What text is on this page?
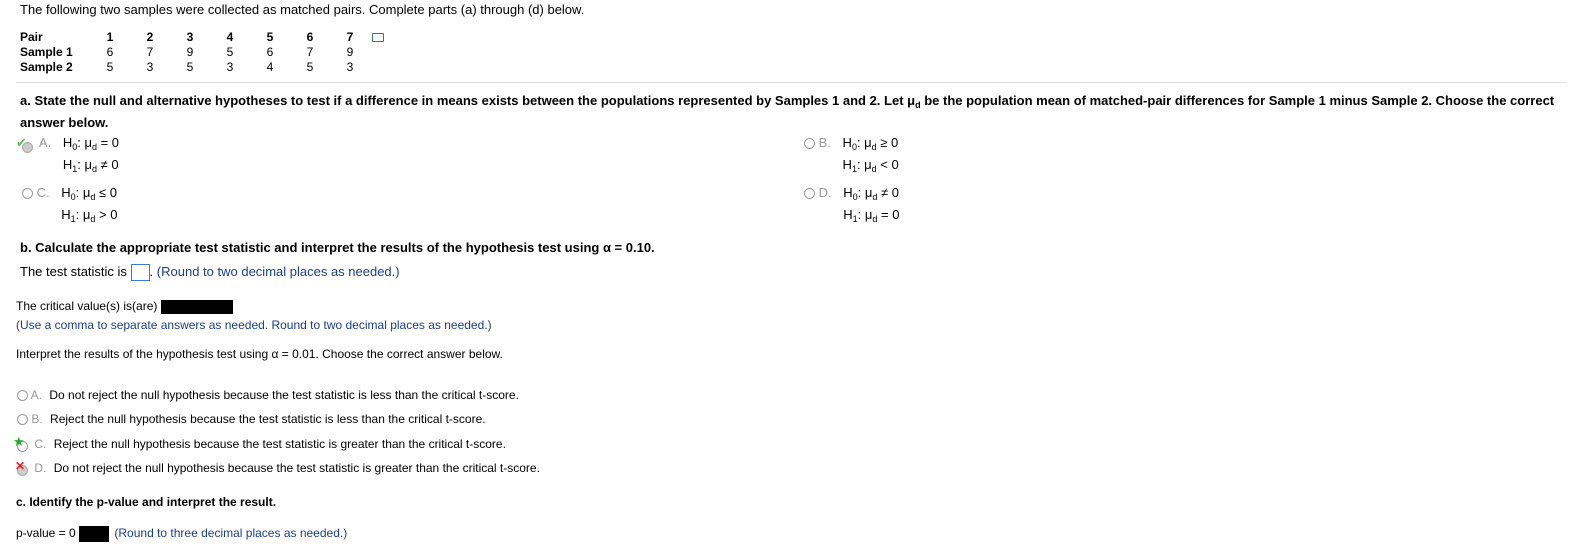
The following two samples were collected as matched pairs. Complete parts (a) through (d) below.
Pair	1	2	3	4	5	6	7	
Sample 1	6	7	9	5	6	7	9	
Sample 2	5	3	5	3	4	5	3	
a. State the null and alternative hypotheses to test if a difference in means exists between the populations represented by Samples 1 and 2. Let $\mu_d$ be the population mean of matched-pair differences for Sample 1 minus Sample 2. Choose the correct answer below.
✔ A. $H_0$: $\mu_d = 0$
$H_1$: $\mu_d \ne 0$
B. $H_0$: $\mu_d \ge 0$
$H_1$: $\mu_d < 0$
C. $H_0$: $\mu_d \le 0$
$H_1$: $\mu_d > 0$
D. $H_0$: $\mu_d \ne 0$
$H_1$: $\mu_d = 0$
b. Calculate the appropriate test statistic and interpret the results of the hypothesis test using α = 0.10.
The test statistic is . (Round to two decimal places as needed.)
The critical value(s) is(are)
(Use a comma to separate answers as needed. Round to two decimal places as needed.)
Interpret the results of the hypothesis test using α = 0.01. Choose the correct answer below.
A. Do not reject the null hypothesis because the test statistic is less than the critical t-score.
B. Reject the null hypothesis because the test statistic is less than the critical t-score.
★ C. Reject the null hypothesis because the test statistic is greater than the critical t-score.
✕ D. Do not reject the null hypothesis because the test statistic is greater than the critical t-score.
c. Identify the p-value and interpret the result.
p-value = 0	(Round to three decimal places as needed.)
